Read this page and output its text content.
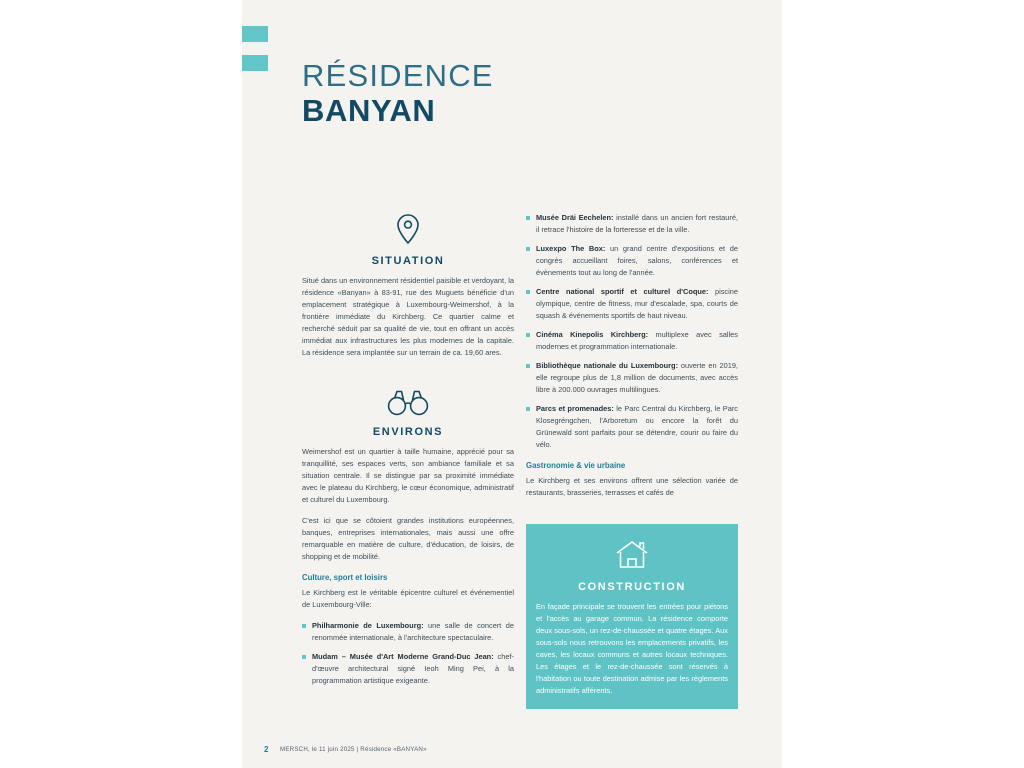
RÉSIDENCE
BANYAN
SITUATION

Situé dans un environnement résidentiel paisible et verdoyant, la résidence «Banyan» à 83-91, rue des Muguets bénéficie d'un emplacement stratégique à Luxembourg-Weimershof, à la frontière immédiate du Kirchberg. Ce quartier calme et recherché séduit par sa qualité de vie, tout en offrant un accès immédiat aux infrastructures les plus modernes de la capitale. La résidence sera implantée sur un terrain de ca. 19,60 ares.

ENVIRONS

Weimershof est un quartier à taille humaine, apprécié pour sa tranquillité, ses espaces verts, son ambiance familiale et sa situation centrale. Il se distingue par sa proximité immédiate avec le plateau du Kirchberg, le cœur économique, administratif et culturel du Luxembourg.

C'est ici que se côtoient grandes institutions européennes, banques, entreprises internationales, mais aussi une offre remarquable en matière de culture, d'éducation, de loisirs, de shopping et de mobilité.

Culture, sport et loisirs

Le Kirchberg est le véritable épicentre culturel et événementiel de Luxembourg-Ville:

Philharmonie de Luxembourg: une salle de concert de renommée internationale, à l'architecture spectaculaire.
Mudam – Musée d'Art Moderne Grand-Duc Jean: chef-d'œuvre architectural signé Ieoh Ming Pei, à la programmation artistique exigeante.
Musée Dräi Eechelen: installé dans un ancien fort restauré, il retrace l'histoire de la forteresse et de la ville.
Luxexpo The Box: un grand centre d'expositions et de congrès accueillant foires, salons, conférences et évènements tout au long de l'année.
Centre national sportif et culturel d'Coque: piscine olympique, centre de fitness, mur d'escalade, spa, courts de squash & événements sportifs de haut niveau.
Cinéma Kinepolis Kirchberg: multiplexe avec salles modernes et programmation internationale.
Bibliothèque nationale du Luxembourg: ouverte en 2019, elle regroupe plus de 1,8 million de documents, avec accès libre à 200.000 ouvrages multilingues.
Parcs et promenades: le Parc Central du Kirchberg, le Parc Klosegréngchen, l'Arboretum ou encore la forêt du Grünewald sont parfaits pour se détendre, courir ou faire du vélo.
Gastronomie & vie urbaine

Le Kirchberg et ses environs offrent une sélection variée de restaurants, brasseries, terrasses et cafés de

CONSTRUCTION

En façade principale se trouvent les entrées pour piétons et l'accès au garage commun. La résidence comporte deux sous-sols, un rez-de-chaussée et quatre étages. Aux sous-sols nous retrouvons les emplacements privatifs, les caves, les locaux communs et autres locaux techniques. Les étages et le rez-de-chaussée sont réservés à l'habitation ou toute destination admise par les règlements administratifs afférents.

2	MERSCH, le 11 juin 2025 | Résidence «BANYAN»
